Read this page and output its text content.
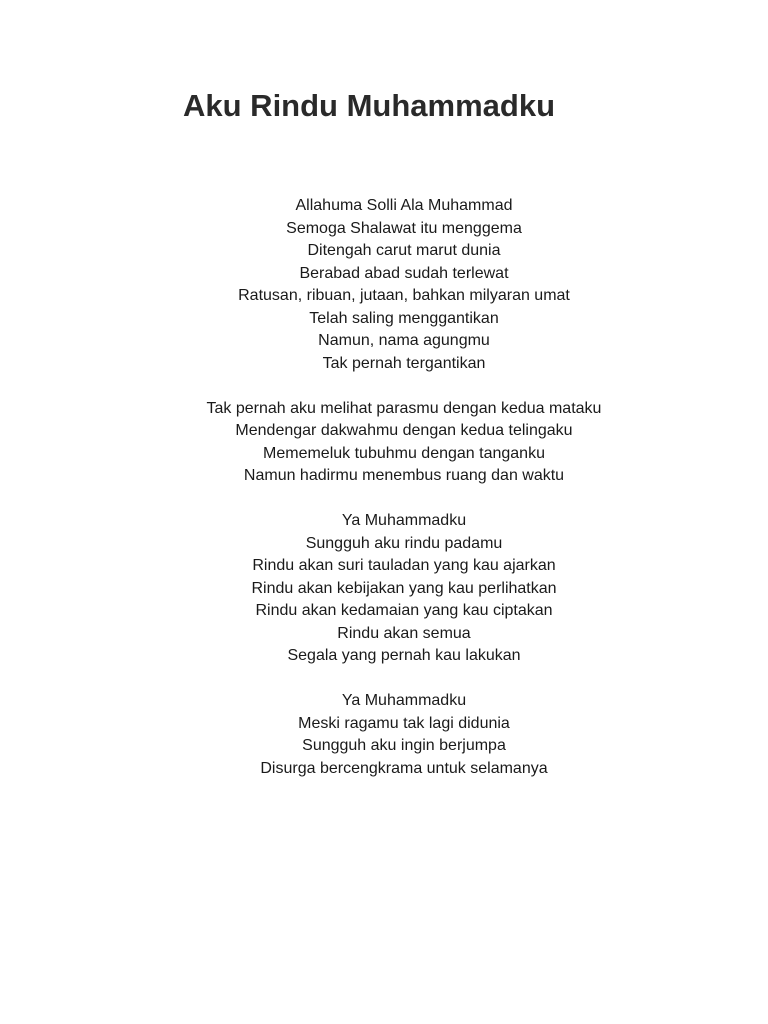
Aku Rindu Muhammadku
Allahuma Solli Ala Muhammad
Semoga Shalawat itu menggema
Ditengah carut marut dunia
Berabad abad sudah terlewat
Ratusan, ribuan, jutaan, bahkan milyaran umat
Telah saling menggantikan
Namun, nama agungmu
Tak pernah tergantikan
Tak pernah aku melihat parasmu dengan kedua mataku
Mendengar dakwahmu dengan kedua telingaku
Mememeluk tubuhmu dengan tanganku
Namun hadirmu menembus ruang dan waktu
Ya Muhammadku
Sungguh aku rindu padamu
Rindu akan suri tauladan yang kau ajarkan
Rindu akan kebijakan yang kau perlihatkan
Rindu akan kedamaian yang kau ciptakan
Rindu akan semua
Segala yang pernah kau lakukan
Ya Muhammadku
Meski ragamu tak lagi didunia
Sungguh aku ingin berjumpa
Disurga bercengkrama untuk selamanya
